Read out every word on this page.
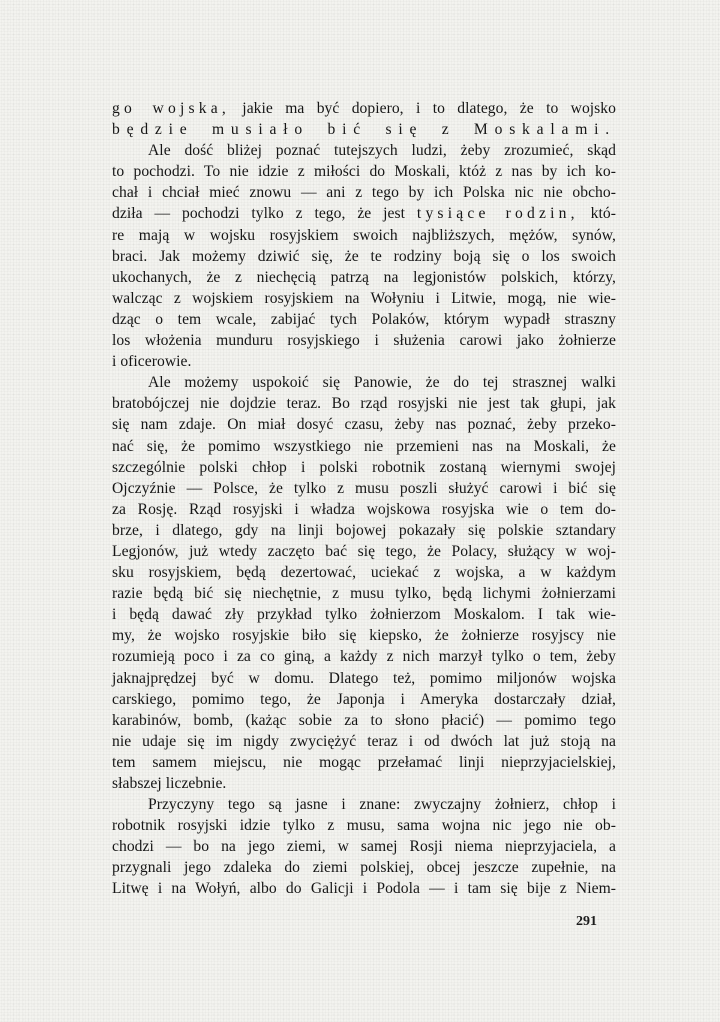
go wojska, jakie ma być dopiero, i to dlatego, że to wojsko
będzie musiało bić się z Moskalami.
Ale dość bliżej poznać tutejszych ludzi, żeby zrozumieć, skąd
to pochodzi. To nie idzie z miłości do Moskali, któż z nas by ich ko-
chał i chciał mieć znowu — ani z tego by ich Polska nic nie obcho-
dziła — pochodzi tylko z tego, że jest tysiące rodzin, któ-
re mają w wojsku rosyjskiem swoich najbliższych, mężów, synów,
braci. Jak możemy dziwić się, że te rodziny boją się o los swoich
ukochanych, że z niechęcią patrzą na legjonistów polskich, którzy,
walcząc z wojskiem rosyjskiem na Wołyniu i Litwie, mogą, nie wie-
dząc o tem wcale, zabijać tych Polaków, którym wypadł straszny
los włożenia munduru rosyjskiego i służenia carowi jako żołnierze
i oficerowie.
Ale możemy uspokoić się Panowie, że do tej strasznej walki
bratobójczej nie dojdzie teraz. Bo rząd rosyjski nie jest tak głupi, jak
się nam zdaje. On miał dosyć czasu, żeby nas poznać, żeby przeko-
nać się, że pomimo wszystkiego nie przemieni nas na Moskali, że
szczególnie polski chłop i polski robotnik zostaną wiernymi swojej
Ojczyźnie — Polsce, że tylko z musu poszli służyć carowi i bić się
za Rosję. Rząd rosyjski i władza wojskowa rosyjska wie o tem do-
brze, i dlatego, gdy na linji bojowej pokazały się polskie sztandary
Legjonów, już wtedy zaczęto bać się tego, że Polacy, służący w woj-
sku rosyjskiem, będą dezertować, uciekać z wojska, a w każdym
razie będą bić się niechętnie, z musu tylko, będą lichymi żołnierzami
i będą dawać zły przykład tylko żołnierzom Moskalom. I tak wie-
my, że wojsko rosyjskie biło się kiepsko, że żołnierze rosyjscy nie
rozumieją poco i za co giną, a każdy z nich marzył tylko o tem, żeby
jaknajprędzej być w domu. Dlatego też, pomimo miljonów wojska
carskiego, pomimo tego, że Japonja i Ameryka dostarczały dział,
karabinów, bomb, (każąc sobie za to słono płacić) — pomimo tego
nie udaje się im nigdy zwyciężyć teraz i od dwóch lat już stoją na
tem samem miejscu, nie mogąc przełamać linji nieprzyjacielskiej,
słabszej liczebnie.
Przyczyny tego są jasne i znane: zwyczajny żołnierz, chłop i
robotnik rosyjski idzie tylko z musu, sama wojna nic jego nie ob-
chodzi — bo na jego ziemi, w samej Rosji niema nieprzyjaciela, a
przygnali jego zdaleka do ziemi polskiej, obcej jeszcze zupełnie, na
Litwę i na Wołyń, albo do Galicji i Podola — i tam się bije z Niem-
291
